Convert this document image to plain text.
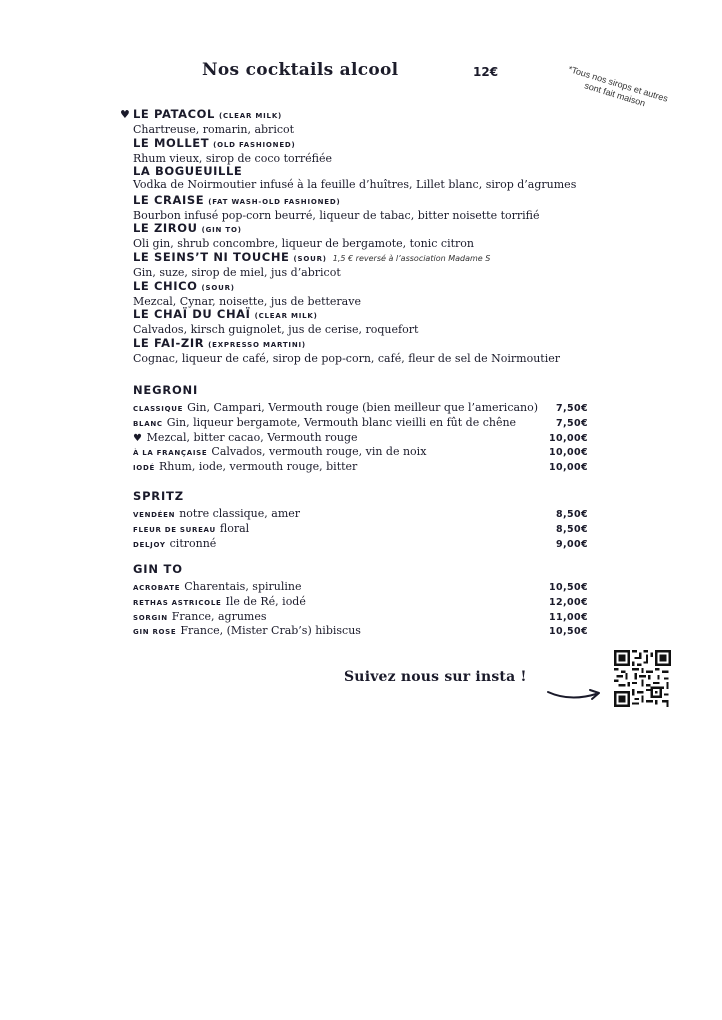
Nos cocktails alcool	12€	*Tous nos sirops et autres sont fait maison
♥ LE PATACOL (CLEAR MILK)
Chartreuse, romarin, abricot
LE MOLLET (OLD FASHIONED)
Rhum vieux, sirop de coco torréfiée
LA BOGUEUILLE
Vodka de Noirmoutier infusé à la feuille d’huîtres, Lillet blanc, sirop d’agrumes
LE CRAISE (FAT WASH-OLD FASHIONED)
Bourbon infusé pop-corn beurré, liqueur de tabac, bitter noisette torrifié
LE ZIROU (GIN TO)
Oli gin, shrub concombre, liqueur de bergamote, tonic citron
LE SEINS’T NI TOUCHE (SOUR) 1,5 € reversé à l’association Madame S
Gin, suze, sirop de miel, jus d’abricot
LE CHICO (SOUR)
Mezcal, Cynar, noisette, jus de betterave
LE CHAÏ DU CHAÏ (CLEAR MILK)
Calvados, kirsch guignolet, jus de cerise, roquefort
LE FAI-ZIR (EXPRESSO MARTINI)
Cognac, liqueur de café, sirop de pop-corn, café, fleur de sel de Noirmoutier
NEGRONI
CLASSIQUE Gin, Campari, Vermouth rouge (bien meilleur que l’americano) 7,50€
BLANC Gin, liqueur bergamote, Vermouth blanc vieilli en fût de chêne	7,50€
♥ Mezcal, bitter cacao, Vermouth rouge	10,00€
À LA FRANÇAISE Calvados, vermouth rouge, vin de noix	10,00€
IODÉ Rhum, iode, vermouth rouge, bitter	10,00€
SPRITZ
VENDÉEN notre classique, amer	8,50€
FLEUR DE SUREAU floral	8,50€
DELJOY citronné	9,00€
GIN TO
ACROBATE Charentais, spiruline	10,50€
RETHAS ASTRICOLE Ile de Ré, iodé	12,00€
SORGIN France, agrumes	11,00€
GIN ROSE France, (Mister Crab’s) hibiscus	10,50€
Suivez nous sur insta !
